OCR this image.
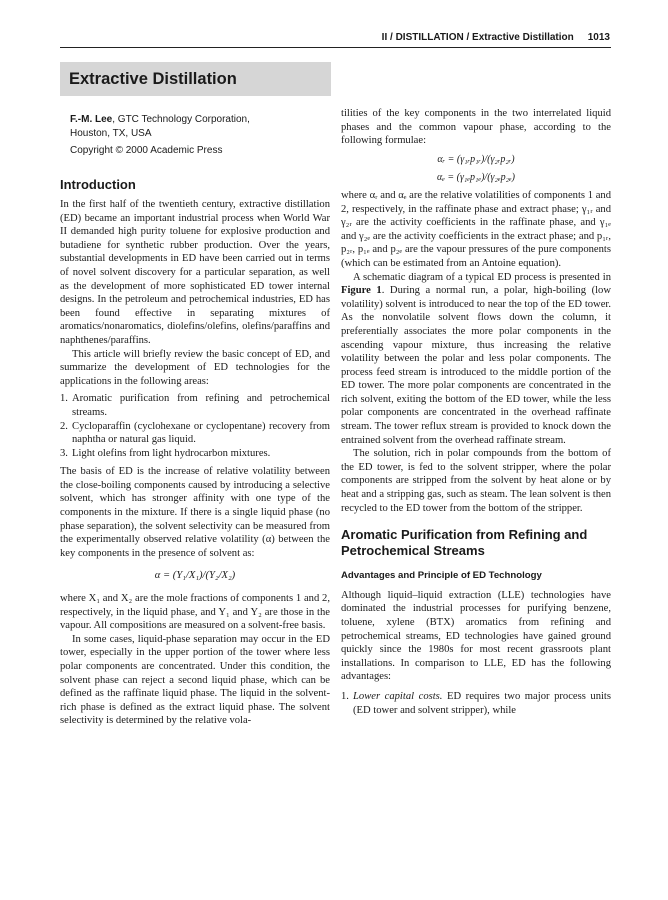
II / DISTILLATION / Extractive Distillation 1013
Extractive Distillation
F.-M. Lee, GTC Technology Corporation,
Houston, TX, USA
Copyright © 2000 Academic Press
Introduction

In the first half of the twentieth century, extractive distillation (ED) became an important industrial process when World War II demanded high purity toluene for explosive production and butadiene for synthetic rubber production. Over the years, substantial developments in ED have been carried out in terms of novel solvent discovery for a particular separation, as well as the development of more sophisticated ED tower internal designs. In the petroleum and petrochemical industries, ED has been found effective in separating mixtures of aromatics/nonaromatics, diolefins/olefins, olefins/paraffins and naphthenes/paraffins.

This article will briefly review the basic concept of ED, and summarize the development of ED technologies for the applications in the following areas:

1. Aromatic purification from refining and petrochemical streams.
2. Cycloparaffin (cyclohexane or cyclopentane) recovery from naphtha or natural gas liquid.
3. Light olefins from light hydrocarbon mixtures.

The basis of ED is the increase of relative volatility between the close-boiling components caused by introducing a selective solvent, which has stronger affinity with one type of the components in the mixture. If there is a single liquid phase (no phase separation), the solvent selectivity can be measured from the experimentally observed relative volatility (α) between the key components in the presence of solvent as:

α = (Y₁/X₁)/(Y₂/X₂)

where X₁ and X₂ are the mole fractions of components 1 and 2, respectively, in the liquid phase, and Y₁ and Y₂ are those in the vapour. All compositions are measured on a solvent-free basis.

In some cases, liquid-phase separation may occur in the ED tower, especially in the upper portion of the tower where less polar components are concentrated. Under this condition, the solvent phase can reject a second liquid phase, which can be defined as the raffinate liquid phase. The liquid in the solvent-rich phase is defined as the extract liquid phase. The solvent selectivity is determined by the relative vola-

tilities of the key components in the two interrelated liquid phases and the common vapour phase, according to the following formulae:

αᵣ = (γ₁ᵣp₁ᵣ)/(γ₂ᵣp₂ᵣ)
αₑ = (γ₁ₑp₁ₑ)/(γ₂ₑp₂ₑ)

where αᵣ and αₑ are the relative volatilities of components 1 and 2, respectively, in the raffinate phase and extract phase; γ₁ᵣ and γ₂ᵣ are the activity coefficients in the raffinate phase, and γ₁ₑ and γ₂ₑ are the activity coefficients in the extract phase; and p₁ᵣ, p₂ᵣ, p₁ₑ and p₂ₑ are the vapour pressures of the pure components (which can be estimated from an Antoine equation).

A schematic diagram of a typical ED process is presented in Figure 1. During a normal run, a polar, high-boiling (low volatility) solvent is introduced to near the top of the ED tower. As the nonvolatile solvent flows down the column, it preferentially associates the more polar components in the ascending vapour mixture, thus increasing the relative volatility between the polar and less polar components. The process feed stream is introduced to the middle portion of the ED tower. The more polar components are concentrated in the rich solvent, exiting the bottom of the ED tower, while the less polar components are concentrated in the overhead raffinate stream. The tower reflux stream is provided to knock down the entrained solvent from the overhead raffinate stream.

The solution, rich in polar compounds from the bottom of the ED tower, is fed to the solvent stripper, where the polar components are stripped from the solvent by heat alone or by heat and a stripping gas, such as steam. The lean solvent is then recycled to the ED tower from the bottom of the stripper.

Aromatic Purification from Refining and Petrochemical Streams
Advantages and Principle of ED Technology

Although liquid–liquid extraction (LLE) technologies have dominated the industrial processes for purifying benzene, toluene, xylene (BTX) aromatics from refining and petrochemical streams, ED technologies have gained ground quickly since the 1980s for most recent grassroots plant installations. In comparison to LLE, ED has the following advantages:

1. Lower capital costs. ED requires two major process units (ED tower and solvent stripper), while
